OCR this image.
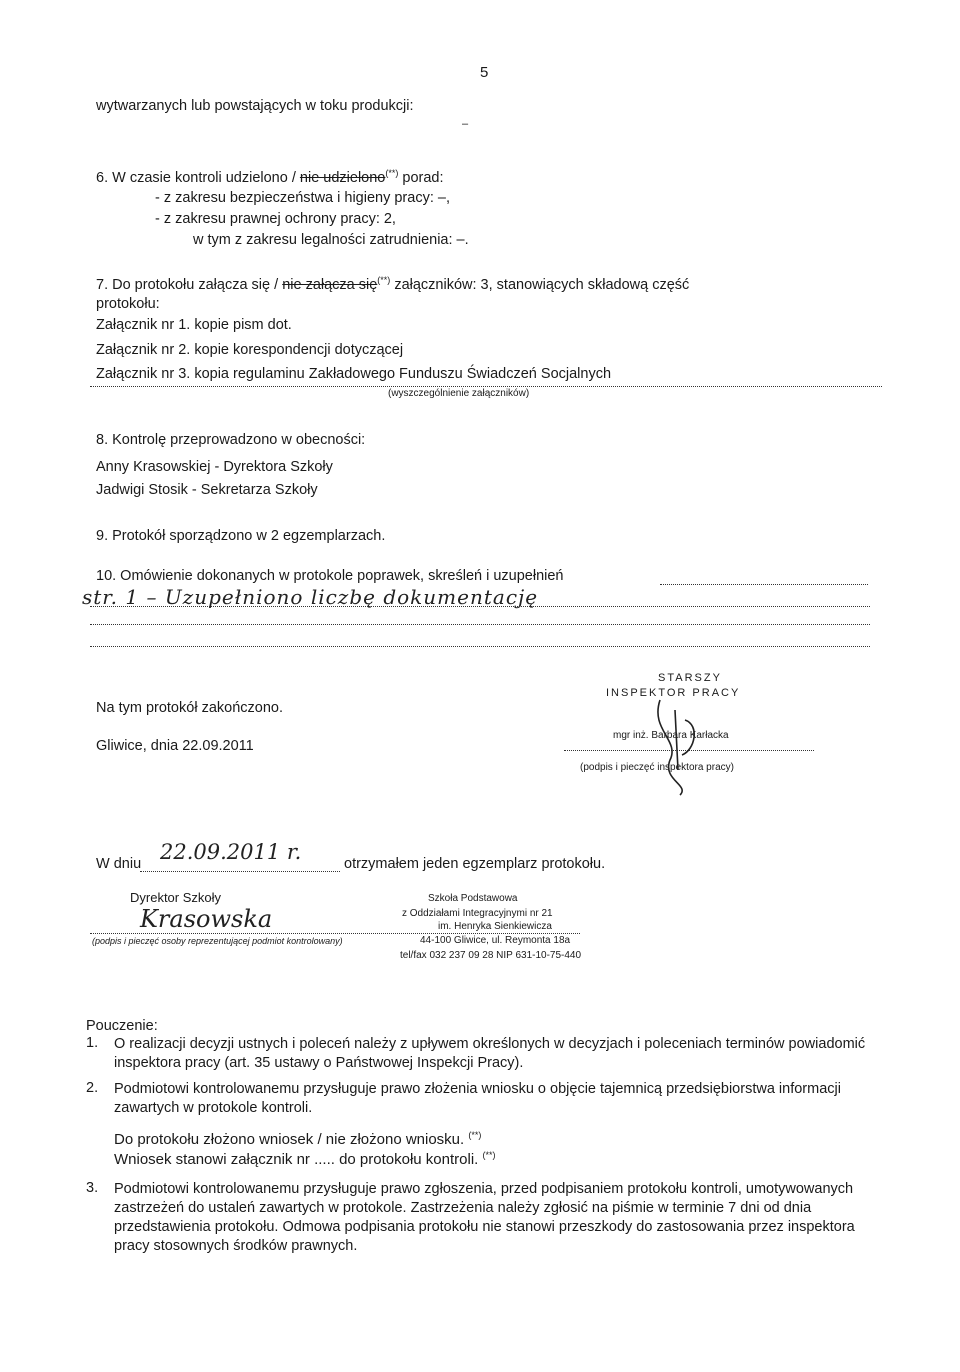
5
wytwarzanych lub powstających w toku produkcji:
–
6. W czasie kontroli udzielono / nie udzielono(**) porad:
- z zakresu bezpieczeństwa i higieny pracy: –,
- z zakresu prawnej ochrony pracy: 2,
w tym z zakresu legalności zatrudnienia: –.
7. Do protokołu załącza się / nie załącza się(**) załączników: 3, stanowiących składową część
protokołu:
Załącznik nr 1. kopie pism dot.
Załącznik nr 2. kopie korespondencji dotyczącej
Załącznik nr 3. kopia regulaminu Zakładowego Funduszu Świadczeń Socjalnych
(wyszczególnienie załączników)
8. Kontrolę przeprowadzono w obecności:
Anny Krasowskiej - Dyrektora Szkoły
Jadwigi Stosik - Sekretarza Szkoły
9. Protokół sporządzono w 2 egzemplarzach.
10. Omówienie dokonanych w protokole poprawek, skreśleń i uzupełnień
str. 1 – Uzupełniono liczbę dokumentację
Na tym protokół zakończono.
Gliwice, dnia 22.09.2011
STARSZY
INSPEKTOR PRACY
mgr inż. Barbara Karłacka
(podpis i pieczęć inspektora pracy)
W dniu 22.09.2011 r.	otrzymałem jeden egzemplarz protokołu.
Dyrektor Szkoły
Krasowska
Szkoła Podstawowa
z Oddziałami Integracyjnymi nr 21
im. Henryka Sienkiewicza
44-100 Gliwice, ul. Reymonta 18a
tel/fax 032 237 09 28 NIP 631-10-75-440
(podpis i pieczęć osoby reprezentującej podmiot kontrolowany)
Pouczenie:
1. O realizacji decyzji ustnych i poleceń należy z upływem określonych w decyzjach i poleceniach terminów powiadomić inspektora pracy (art. 35 ustawy o Państwowej Inspekcji Pracy).
2. Podmiotowi kontrolowanemu przysługuje prawo złożenia wniosku o objęcie tajemnicą przedsiębiorstwa informacji zawartych w protokole kontroli.
Do protokołu złożono wniosek / nie złożono wniosku. (**)
Wniosek stanowi załącznik nr ..... do protokołu kontroli. (**)
3. Podmiotowi kontrolowanemu przysługuje prawo zgłoszenia, przed podpisaniem protokołu kontroli, umotywowanych zastrzeżeń do ustaleń zawartych w protokole. Zastrzeżenia należy zgłosić na piśmie w terminie 7 dni od dnia przedstawienia protokołu. Odmowa podpisania protokołu nie stanowi przeszkody do zastosowania przez inspektora pracy stosownych środków prawnych.
